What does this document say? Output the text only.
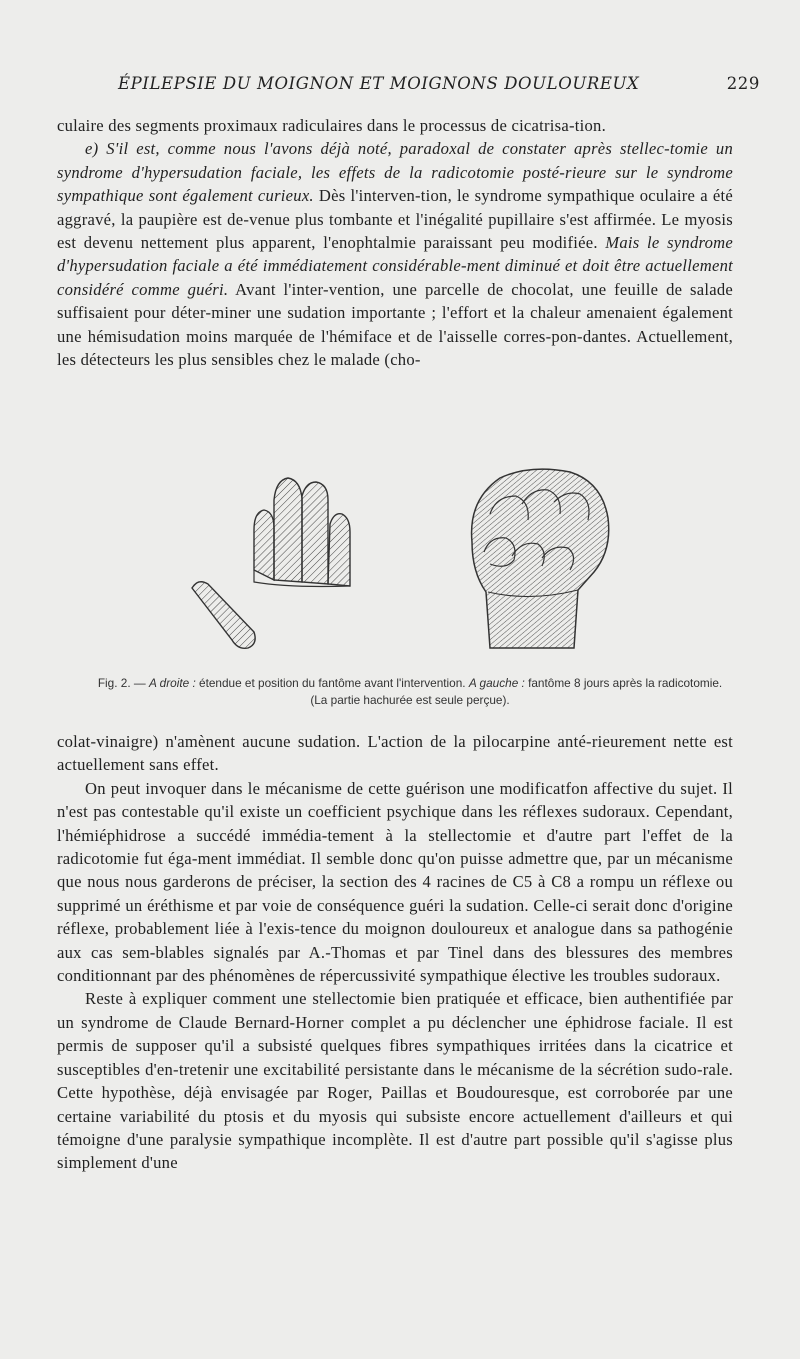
ÉPILEPSIE DU MOIGNON ET MOIGNONS DOULOUREUX	229

culaire des segments proximaux radiculaires dans le processus de cicatrisa-tion.

e) S'il est, comme nous l'avons déjà noté, paradoxal de constater après stellec-tomie un syndrome d'hypersudation faciale, les effets de la radicotomie posté-rieure sur le syndrome sympathique sont également curieux. Dès l'interven-tion, le syndrome sympathique oculaire a été aggravé, la paupière est de-venue plus tombante et l'inégalité pupillaire s'est affirmée. Le myosis est devenu nettement plus apparent, l'enophtalmie paraissant peu modifiée. Mais le syndrome d'hypersudation faciale a été immédiatement considérable-ment diminué et doit être actuellement considéré comme guéri. Avant l'inter-vention, une parcelle de chocolat, une feuille de salade suffisaient pour déter-miner une sudation importante ; l'effort et la chaleur amenaient également une hémisudation moins marquée de l'hémiface et de l'aisselle corres-pon-dantes. Actuellement, les détecteurs les plus sensibles chez le malade (cho-

Fig. 2. — A droite : étendue et position du fantôme avant l'intervention. A gauche : fantôme 8 jours après la radicotomie. (La partie hachurée est seule perçue).

colat-vinaigre) n'amènent aucune sudation. L'action de la pilocarpine anté-rieurement nette est actuellement sans effet.

On peut invoquer dans le mécanisme de cette guérison une modificatfon affective du sujet. Il n'est pas contestable qu'il existe un coefficient psychique dans les réflexes sudoraux. Cependant, l'hémiéphidrose a succédé immédia-tement à la stellectomie et d'autre part l'effet de la radicotomie fut éga-ment immédiat. Il semble donc qu'on puisse admettre que, par un mécanisme que nous nous garderons de préciser, la section des 4 racines de C5 à C8 a rompu un réflexe ou supprimé un éréthisme et par voie de conséquence guéri la sudation. Celle-ci serait donc d'origine réflexe, probablement liée à l'exis-tence du moignon douloureux et analogue dans sa pathogénie aux cas sem-blables signalés par A.-Thomas et par Tinel dans des blessures des membres conditionnant par des phénomènes de répercussivité sympathique élective les troubles sudoraux.

Reste à expliquer comment une stellectomie bien pratiquée et efficace, bien authentifiée par un syndrome de Claude Bernard-Horner complet a pu déclencher une éphidrose faciale. Il est permis de supposer qu'il a subsisté quelques fibres sympathiques irritées dans la cicatrice et susceptibles d'en-tretenir une excitabilité persistante dans le mécanisme de la sécrétion sudo-rale. Cette hypothèse, déjà envisagée par Roger, Paillas et Boudouresque, est corroborée par une certaine variabilité du ptosis et du myosis qui subsiste encore actuellement d'ailleurs et qui témoigne d'une paralysie sympathique incomplète. Il est d'autre part possible qu'il s'agisse plus simplement d'une
